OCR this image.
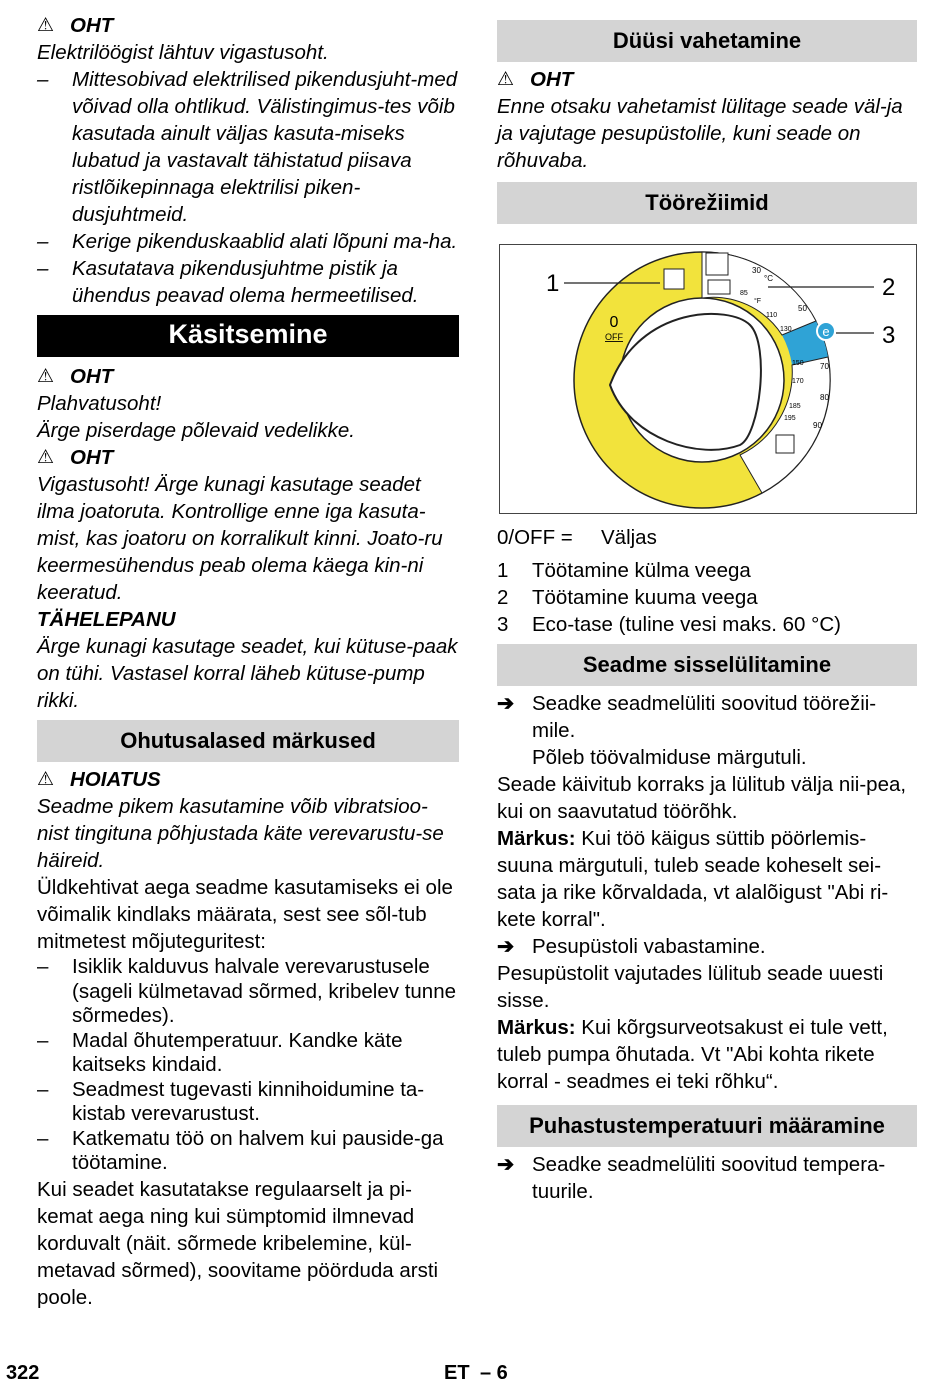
⚠ OHT
Elektrilöögist lähtuv vigastusoht.
–	Mittesobivad elektrilised pikendusjuht-med võivad olla ohtlikud. Välistingimus-tes võib kasutada ainult väljas kasuta-miseks lubatud ja vastavalt tähistatud piisava ristlõikepinnaga elektrilisi piken-dusjuhtmeid.
–	Kerige pikenduskaablid alati lõpuni ma-ha.
–	Kasutatava pikendusjuhtme pistik ja ühendus peavad olema hermeetilised.
Käsitsemine
⚠ OHT
Plahvatusoht!
Ärge piserdage põlevaid vedelikke.
⚠ OHT
Vigastusoht! Ärge kunagi kasutage seadet ilma joatoruta. Kontrollige enne iga kasuta-mist, kas joatoru on korralikult kinni. Joato-ru keermesühendus peab olema käega kin-ni keeratud.
TÄHELEPANU
Ärge kunagi kasutage seadet, kui kütuse-paak on tühi. Vastasel korral läheb kütuse-pump rikki.
Ohutusalased märkused
⚠ HOIATUS
Seadme pikem kasutamine võib vibratsioo-nist tingituna põhjustada käte verevarustu-se häireid.
Üldkehtivat aega seadme kasutamiseks ei ole võimalik kindlaks määrata, sest see sõl-tub mitmetest mõjuteguritest:
–	Isiklik kalduvus halvale verevarustusele (sageli külmetavad sõrmed, kribelev tunne sõrmedes).
–	Madal õhutemperatuur. Kandke käte kaitseks kindaid.
–	Seadmest tugevasti kinnihoidumine ta-kistab verevarustust.
–	Katkematu töö on halvem kui pauside-ga töötamine.
Kui seadet kasutatakse regulaarselt ja pi-kemat aega ning kui sümptomid ilmnevad korduvalt (näit. sõrmede kribelemine, kül-metavad sõrmed), soovitame pöörduda arsti poole.
Düüsi vahetamine
⚠ OHT
Enne otsaku vahetamist lülitage seade väl-ja ja vajutage pesupüstolile, kuni seade on rõhuvaba.
Töörežiimid
e
0
OFF
30
°C
85
°F
50
110
130
150 70
170
80
185
195
90
1	2
3
0/OFF =	Väljas
1	Töötamine külma veega
2	Töötamine kuuma veega
3	Eco-tase (tuline vesi maks. 60 °C)
Seadme sisselülitamine
➔ Seadke seadmelüliti soovitud töörežii-mile.
Põleb töövalmiduse märgutuli.
Seade käivitub korraks ja lülitub välja nii-pea, kui on saavutatud töörõhk.
Märkus: Kui töö käigus süttib pöörlemis-suuna märgutuli, tuleb seade koheselt sei-sata ja rike kõrvaldada, vt alalõigust "Abi ri-kete korral".
➔ Pesupüstoli vabastamine.
Pesupüstolit vajutades lülitub seade uuesti sisse.
Märkus: Kui kõrgsurveotsakust ei tule vett, tuleb pumpa õhutada. Vt "Abi kohta rikete korral - seadmes ei teki rõhku“.
Puhastustemperatuuri määramine
➔ Seadke seadmelüliti soovitud tempera-tuurile.
322	ET – 6
